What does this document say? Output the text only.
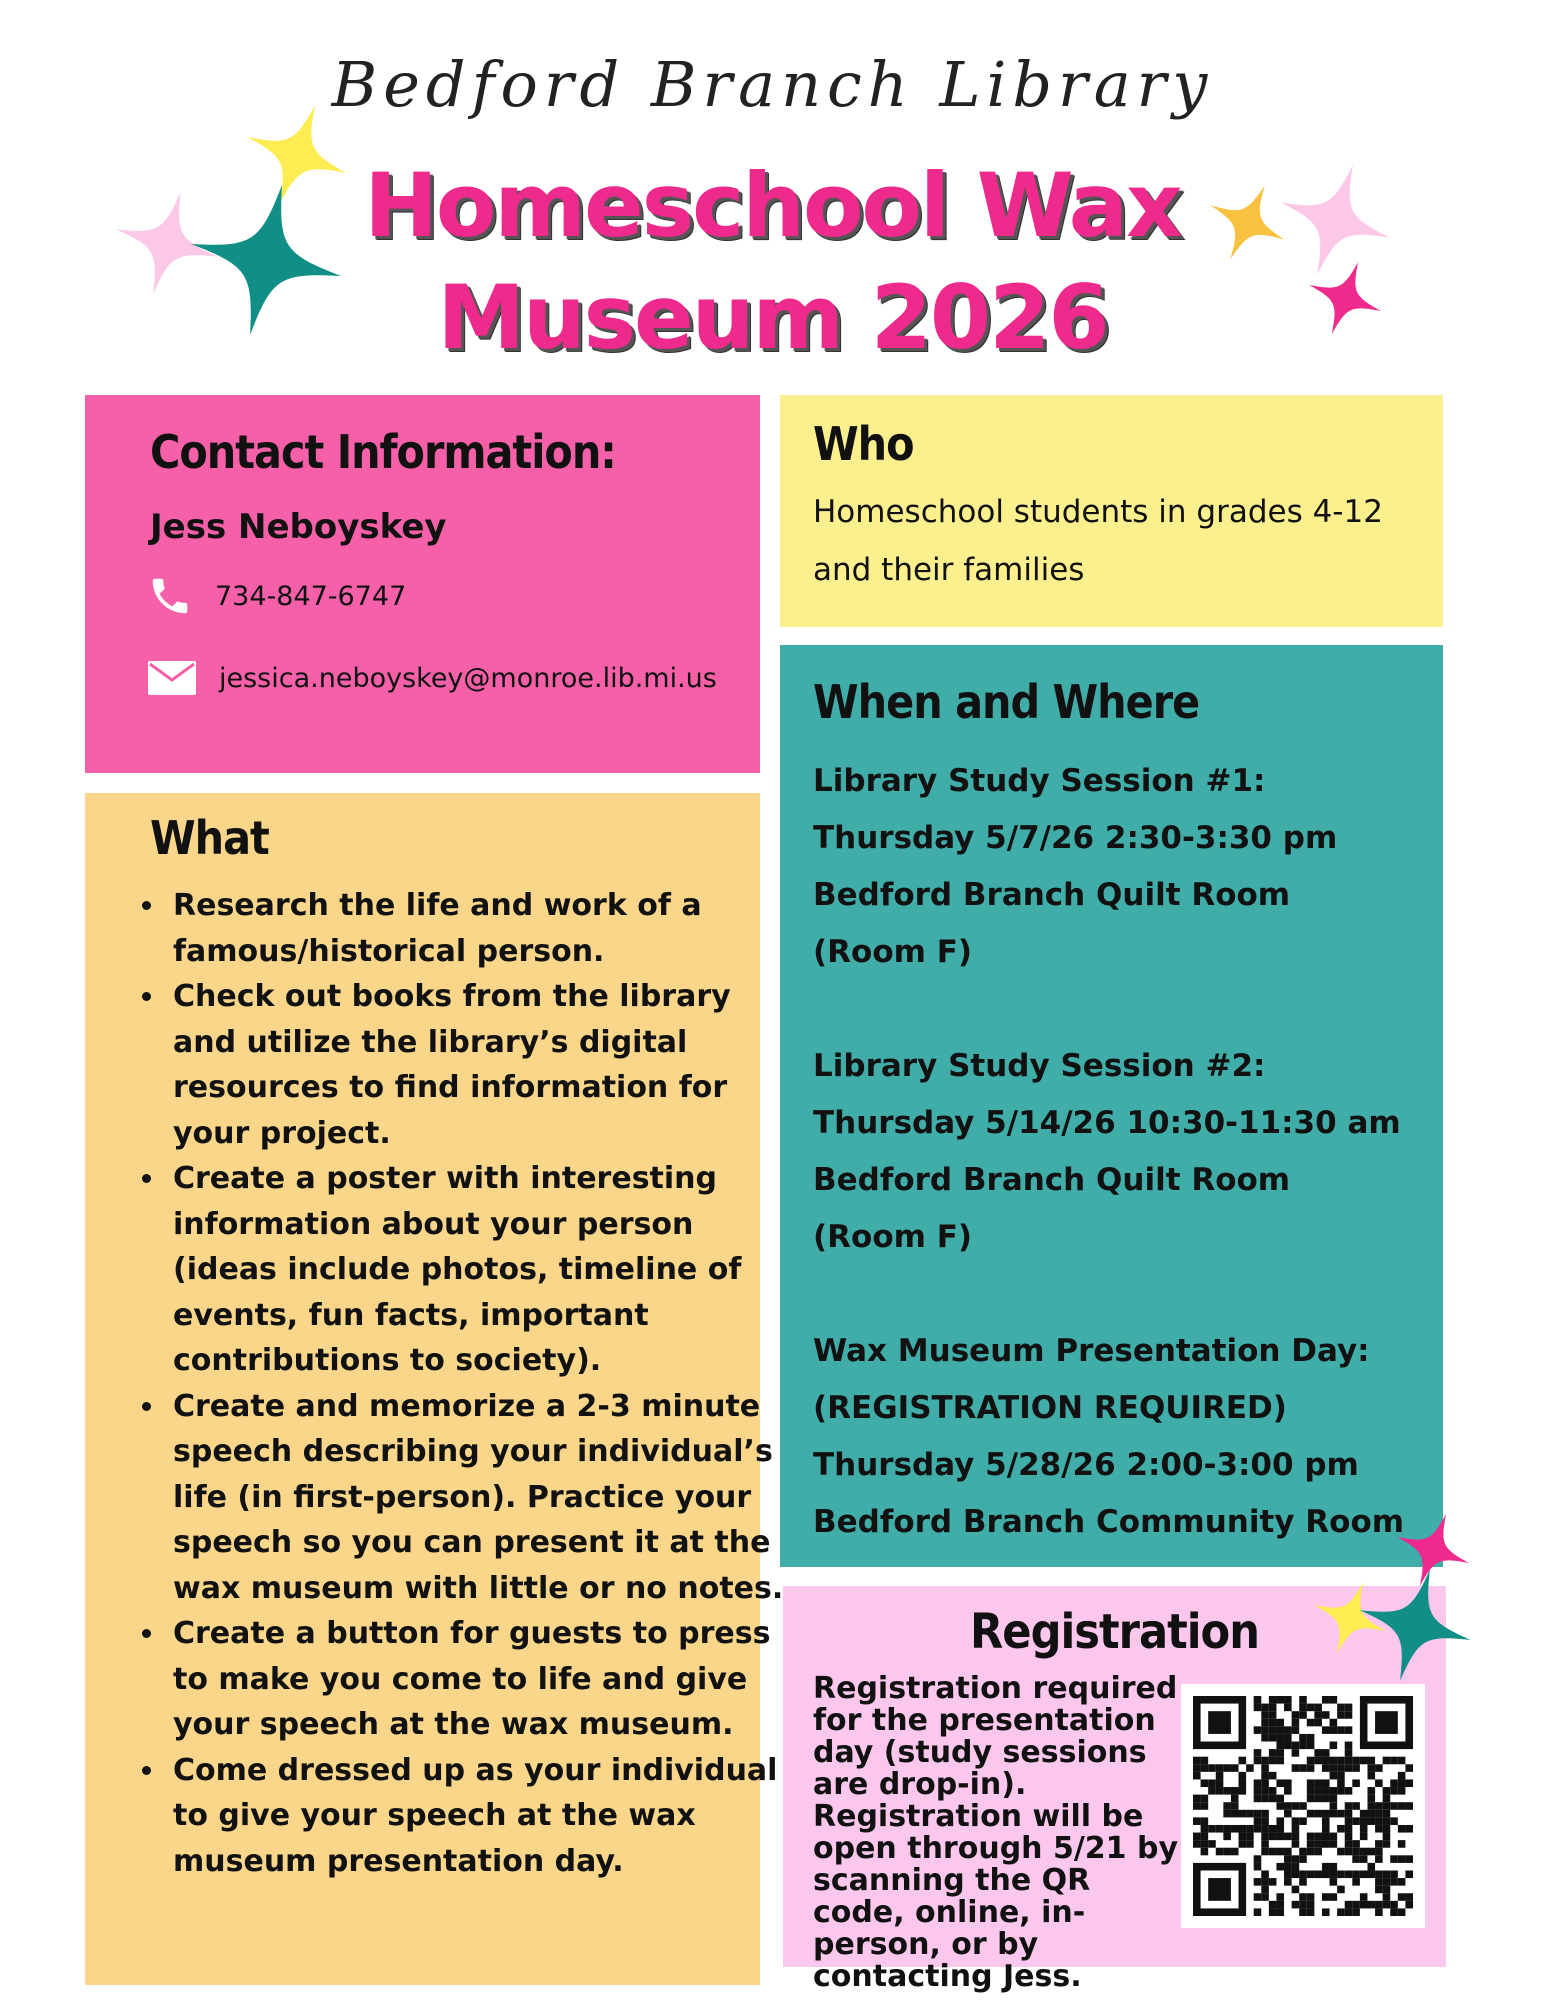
Bedford Branch Library
Homeschool Wax
Museum 2026
Contact Information:
Jess Neboyskey
734-847-6747
jessica.neboyskey@monroe.lib.mi.us
Who
Homeschool students in grades 4-12
and their families
When and Where
Library Study Session #1:
Thursday 5/7/26 2:30-3:30 pm
Bedford Branch Quilt Room
(Room F)
Library Study Session #2:
Thursday 5/14/26 10:30-11:30 am
Bedford Branch Quilt Room
(Room F)
Wax Museum Presentation Day:
(REGISTRATION REQUIRED)
Thursday 5/28/26 2:00-3:00 pm
Bedford Branch Community Room
What
• Research the life and work of a famous/historical person.
• Check out books from the library and utilize the library’s digital resources to find information for your project.
• Create a poster with interesting information about your person (ideas include photos, timeline of events, fun facts, important contributions to society).
• Create and memorize a 2-3 minute speech describing your individual’s life (in first-person). Practice your speech so you can present it at the wax museum with little or no notes.
• Create a button for guests to press to make you come to life and give your speech at the wax museum.
• Come dressed up as your individual to give your speech at the wax museum presentation day.
Registration
Registration required for the presentation day (study sessions are drop-in). Registration will be open through 5/21 by scanning the QR code, online, in-person, or by contacting Jess.
